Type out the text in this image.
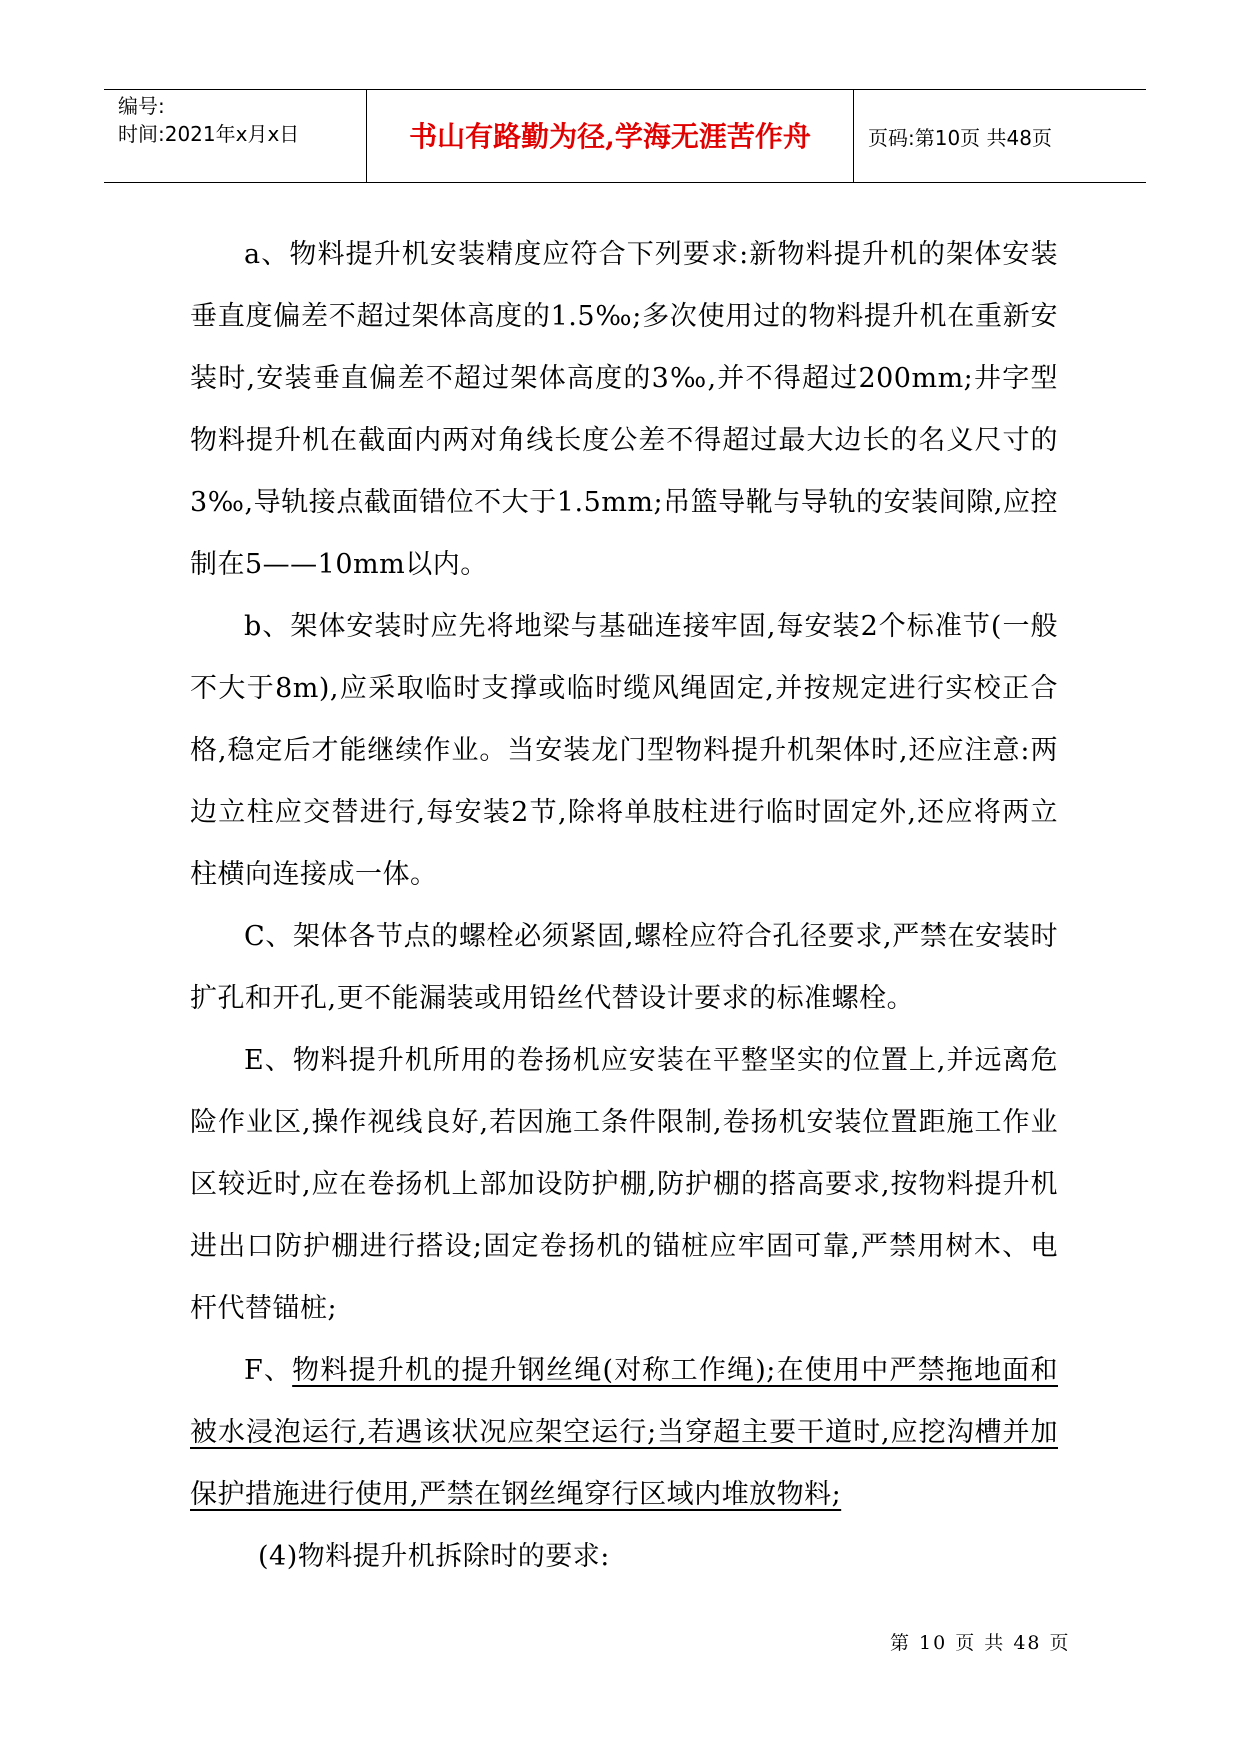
编号:
时间:2021年x月x日	书山有路勤为径,学海无涯苦作舟	页码:第10页 共48页

a、物料提升机安装精度应符合下列要求:新物料提升机的架体安装垂直度偏差不超过架体高度的1.5‰;多次使用过的物料提升机在重新安装时,安装垂直偏差不超过架体高度的3‰,并不得超过200mm;井字型物料提升机在截面内两对角线长度公差不得超过最大边长的名义尺寸的3‰,导轨接点截面错位不大于1.5mm;吊篮导靴与导轨的安装间隙,应控制在5——10mm以内。

b、架体安装时应先将地梁与基础连接牢固,每安装2个标准节(一般不大于8m),应采取临时支撑或临时缆风绳固定,并按规定进行实校正合格,稳定后才能继续作业。当安装龙门型物料提升机架体时,还应注意:两边立柱应交替进行,每安装2节,除将单肢柱进行临时固定外,还应将两立柱横向连接成一体。

C、架体各节点的螺栓必须紧固,螺栓应符合孔径要求,严禁在安装时扩孔和开孔,更不能漏装或用铅丝代替设计要求的标准螺栓。

E、物料提升机所用的卷扬机应安装在平整坚实的位置上,并远离危险作业区,操作视线良好,若因施工条件限制,卷扬机安装位置距施工作业区较近时,应在卷扬机上部加设防护棚,防护棚的搭高要求,按物料提升机进出口防护棚进行搭设;固定卷扬机的锚桩应牢固可靠,严禁用树木、电杆代替锚桩;

F、物料提升机的提升钢丝绳(对称工作绳);在使用中严禁拖地面和被水浸泡运行,若遇该状况应架空运行;当穿超主要干道时,应挖沟槽并加保护措施进行使用,严禁在钢丝绳穿行区域内堆放物料;

(4)物料提升机拆除时的要求:

第 10 页 共 48 页
